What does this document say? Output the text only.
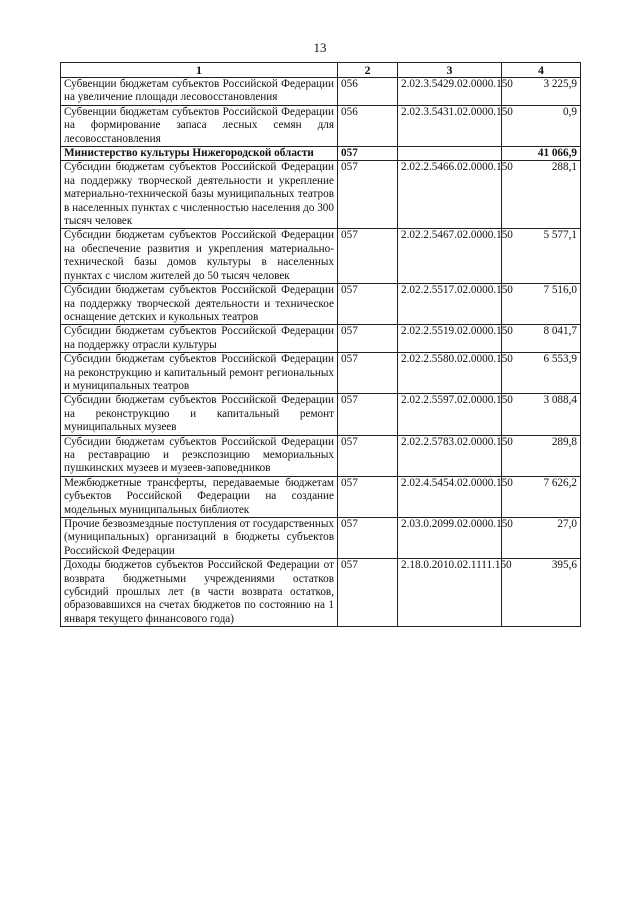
13
1	2	3	4
Субвенции бюджетам субъектов Российской Федерации на увеличение площади лесовосстановления	056	2.02.3.5429.02.0000.150	3 225,9
Субвенции бюджетам субъектов Российской Федерации на формирование запаса лесных семян для лесовосстановления	056	2.02.3.5431.02.0000.150	0,9
Министерство культуры Нижегородской области	057		41 066,9
Субсидии бюджетам субъектов Российской Федерации на поддержку творческой деятельности и укрепление материально-технической базы муниципальных театров в населенных пунктах с численностью населения до 300 тысяч человек	057	2.02.2.5466.02.0000.150	288,1
Субсидии бюджетам субъектов Российской Федерации на обеспечение развития и укрепления материально-технической базы домов культуры в населенных пунктах с числом жителей до 50 тысяч человек	057	2.02.2.5467.02.0000.150	5 577,1
Субсидии бюджетам субъектов Российской Федерации на поддержку творческой деятельности и техническое оснащение детских и кукольных театров	057	2.02.2.5517.02.0000.150	7 516,0
Субсидии бюджетам субъектов Российской Федерации на поддержку отрасли культуры	057	2.02.2.5519.02.0000.150	8 041,7
Субсидии бюджетам субъектов Российской Федерации на реконструкцию и капитальный ремонт региональных и муниципальных театров	057	2.02.2.5580.02.0000.150	6 553,9
Субсидии бюджетам субъектов Российской Федерации на реконструкцию и капитальный ремонт муниципальных музеев	057	2.02.2.5597.02.0000.150	3 088,4
Субсидии бюджетам субъектов Российской Федерации на реставрацию и реэкспозицию мемориальных пушкинских музеев и музеев-заповедников	057	2.02.2.5783.02.0000.150	289,8
Межбюджетные трансферты, передаваемые бюджетам субъектов Российской Федерации на создание модельных муниципальных библиотек	057	2.02.4.5454.02.0000.150	7 626,2
Прочие безвозмездные поступления от государственных (муниципальных) организаций в бюджеты субъектов Российской Федерации	057	2.03.0.2099.02.0000.150	27,0
Доходы бюджетов субъектов Российской Федерации от возврата бюджетными учреждениями остатков субсидий прошлых лет (в части возврата остатков, образовавшихся на счетах бюджетов по состоянию на 1 января текущего финансового года)	057	2.18.0.2010.02.1111.150	395,6
